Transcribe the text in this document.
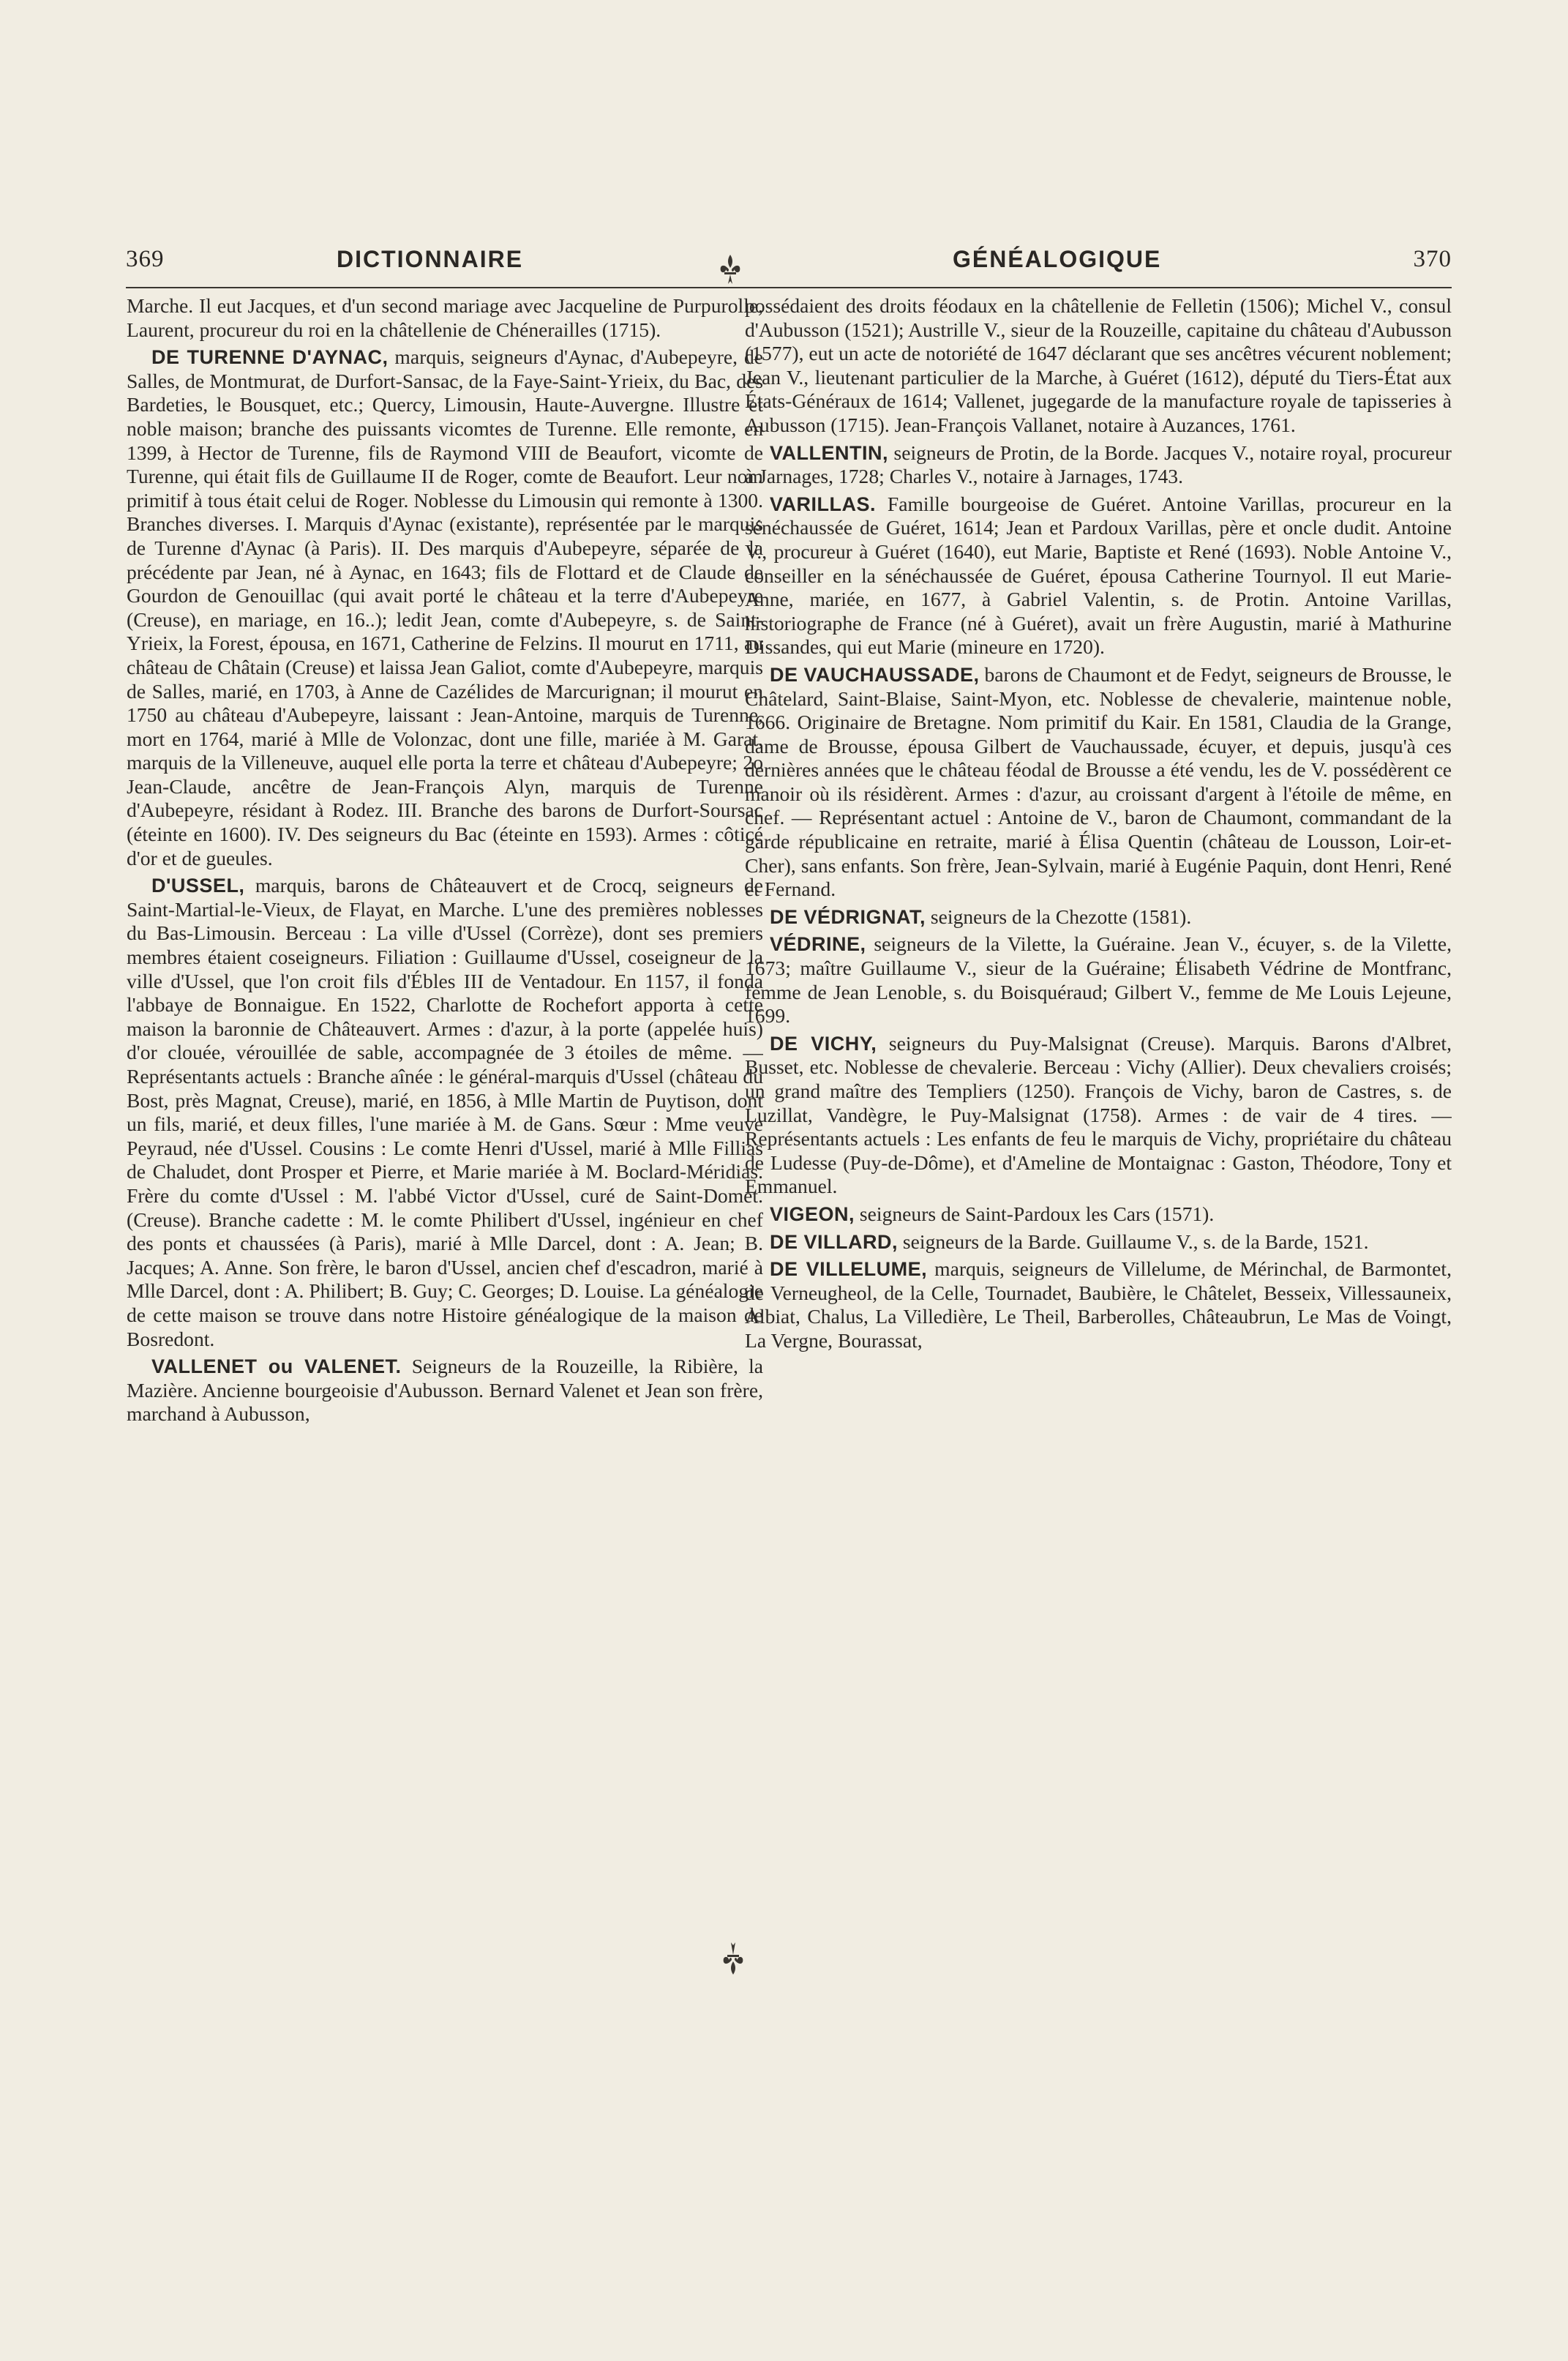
369	DICTIONNAIRE	GÉNÉALOGIQUE	370

Marche. Il eut Jacques, et d'un second mariage avec Jacqueline de Purpurolle, Laurent, procureur du roi en la châtellenie de Chénerailles (1715).

DE TURENNE D'AYNAC, marquis, seigneurs d'Aynac, d'Aubepeyre, de Salles, de Montmurat, de Durfort-Sansac, de la Faye-Saint-Yrieix, du Bac, des Bardeties, le Bousquet, etc.; Quercy, Limousin, Haute-Auvergne. Illustre et noble maison; branche des puissants vicomtes de Turenne. Elle remonte, en 1399, à Hector de Turenne, fils de Raymond VIII de Beaufort, vicomte de Turenne, qui était fils de Guillaume II de Roger, comte de Beaufort. Leur nom primitif à tous était celui de Roger. Noblesse du Limousin qui remonte à 1300. Branches diverses. I. Marquis d'Aynac (existante), représentée par le marquis de Turenne d'Aynac (à Paris). II. Des marquis d'Aubepeyre, séparée de la précédente par Jean, né à Aynac, en 1643; fils de Flottard et de Claude de Gourdon de Genouillac (qui avait porté le château et la terre d'Aubepeyre (Creuse), en mariage, en 16..); ledit Jean, comte d'Aubepeyre, s. de Saint-Yrieix, la Forest, épousa, en 1671, Catherine de Felzins. Il mourut en 1711, au château de Châtain (Creuse) et laissa Jean Galiot, comte d'Aubepeyre, marquis de Salles, marié, en 1703, à Anne de Cazélides de Marcurignan; il mourut en 1750 au château d'Aubepeyre, laissant : Jean-Antoine, marquis de Turenne, mort en 1764, marié à Mlle de Volonzac, dont une fille, mariée à M. Garat, marquis de la Villeneuve, auquel elle porta la terre et château d'Aubepeyre; 2o Jean-Claude, ancêtre de Jean-François Alyn, marquis de Turenne d'Aubepeyre, résidant à Rodez. III. Branche des barons de Durfort-Soursac (éteinte en 1600). IV. Des seigneurs du Bac (éteinte en 1593). Armes : côticé d'or et de gueules.

D'USSEL, marquis, barons de Châteauvert et de Crocq, seigneurs de Saint-Martial-le-Vieux, de Flayat, en Marche. L'une des premières noblesses du Bas-Limousin. Berceau : La ville d'Ussel (Corrèze), dont ses premiers membres étaient coseigneurs. Filiation : Guillaume d'Ussel, coseigneur de la ville d'Ussel, que l'on croit fils d'Ébles III de Ventadour. En 1157, il fonda l'abbaye de Bonnaigue. En 1522, Charlotte de Rochefort apporta à cette maison la baronnie de Châteauvert. Armes : d'azur, à la porte (appelée huis) d'or clouée, vérouillée de sable, accompagnée de 3 étoiles de même. — Représentants actuels : Branche aînée : le général-marquis d'Ussel (château du Bost, près Magnat, Creuse), marié, en 1856, à Mlle Martin de Puytison, dont un fils, marié, et deux filles, l'une mariée à M. de Gans. Sœur : Mme veuve Peyraud, née d'Ussel. Cousins : Le comte Henri d'Ussel, marié à Mlle Fillias de Chaludet, dont Prosper et Pierre, et Marie mariée à M. Boclard-Méridias. Frère du comte d'Ussel : M. l'abbé Victor d'Ussel, curé de Saint-Domet. (Creuse). Branche cadette : M. le comte Philibert d'Ussel, ingénieur en chef des ponts et chaussées (à Paris), marié à Mlle Darcel, dont : A. Jean; B. Jacques; A. Anne. Son frère, le baron d'Ussel, ancien chef d'escadron, marié à Mlle Darcel, dont : A. Philibert; B. Guy; C. Georges; D. Louise. La généalogie de cette maison se trouve dans notre Histoire généalogique de la maison de Bosredont.

VALLENET ou VALENET. Seigneurs de la Rouzeille, la Ribière, la Mazière. Ancienne bourgeoisie d'Aubusson. Bernard Valenet et Jean son frère, marchand à Aubusson,

possédaient des droits féodaux en la châtellenie de Felletin (1506); Michel V., consul d'Aubusson (1521); Austrille V., sieur de la Rouzeille, capitaine du château d'Aubusson (1577), eut un acte de notoriété de 1647 déclarant que ses ancêtres vécurent noblement; Jean V., lieutenant particulier de la Marche, à Guéret (1612), député du Tiers-État aux États-Généraux de 1614; Vallenet, jugegarde de la manufacture royale de tapisseries à Aubusson (1715). Jean-François Vallanet, notaire à Auzances, 1761.

VALLENTIN, seigneurs de Protin, de la Borde. Jacques V., notaire royal, procureur à Jarnages, 1728; Charles V., notaire à Jarnages, 1743.

VARILLAS. Famille bourgeoise de Guéret. Antoine Varillas, procureur en la sénéchaussée de Guéret, 1614; Jean et Pardoux Varillas, père et oncle dudit. Antoine V., procureur à Guéret (1640), eut Marie, Baptiste et René (1693). Noble Antoine V., conseiller en la sénéchaussée de Guéret, épousa Catherine Tournyol. Il eut Marie-Anne, mariée, en 1677, à Gabriel Valentin, s. de Protin. Antoine Varillas, historiographe de France (né à Guéret), avait un frère Augustin, marié à Mathurine Dissandes, qui eut Marie (mineure en 1720).

DE VAUCHAUSSADE, barons de Chaumont et de Fedyt, seigneurs de Brousse, le Châtelard, Saint-Blaise, Saint-Myon, etc. Noblesse de chevalerie, maintenue noble, 1666. Originaire de Bretagne. Nom primitif du Kair. En 1581, Claudia de la Grange, dame de Brousse, épousa Gilbert de Vauchaussade, écuyer, et depuis, jusqu'à ces dernières années que le château féodal de Brousse a été vendu, les de V. possédèrent ce manoir où ils résidèrent. Armes : d'azur, au croissant d'argent à l'étoile de même, en chef. — Représentant actuel : Antoine de V., baron de Chaumont, commandant de la garde républicaine en retraite, marié à Élisa Quentin (château de Lousson, Loir-et-Cher), sans enfants. Son frère, Jean-Sylvain, marié à Eugénie Paquin, dont Henri, René et Fernand.

DE VÉDRIGNAT, seigneurs de la Chezotte (1581).

VÉDRINE, seigneurs de la Vilette, la Guéraine. Jean V., écuyer, s. de la Vilette, 1673; maître Guillaume V., sieur de la Guéraine; Élisabeth Védrine de Montfranc, femme de Jean Lenoble, s. du Boisquéraud; Gilbert V., femme de Me Louis Lejeune, 1699.

DE VICHY, seigneurs du Puy-Malsignat (Creuse). Marquis. Barons d'Albret, Busset, etc. Noblesse de chevalerie. Berceau : Vichy (Allier). Deux chevaliers croisés; un grand maître des Templiers (1250). François de Vichy, baron de Castres, s. de Luzillat, Vandègre, le Puy-Malsignat (1758). Armes : de vair de 4 tires. — Représentants actuels : Les enfants de feu le marquis de Vichy, propriétaire du château de Ludesse (Puy-de-Dôme), et d'Ameline de Montaignac : Gaston, Théodore, Tony et Emmanuel.

VIGEON, seigneurs de Saint-Pardoux les Cars (1571).

DE VILLARD, seigneurs de la Barde. Guillaume V., s. de la Barde, 1521.

DE VILLELUME, marquis, seigneurs de Villelume, de Mérinchal, de Barmontet, de Verneugheol, de la Celle, Tournadet, Baubière, le Châtelet, Besseix, Villessauneix, Albiat, Chalus, La Villedière, Le Theil, Barberolles, Châteaubrun, Le Mas de Voingt, La Vergne, Bourassat,
